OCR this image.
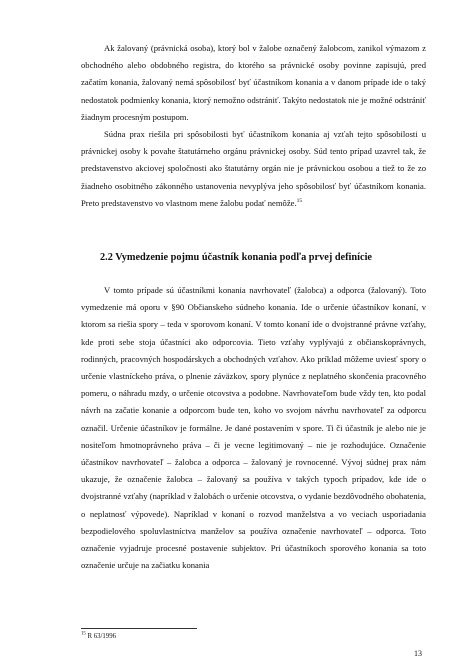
Ak žalovaný (právnická osoba), ktorý bol v žalobe označený žalobcom, zanikol výmazom z obchodného alebo obdobného registra, do ktorého sa právnické osoby povinne zapisujú, pred začatím konania, žalovaný nemá spôsobilosť byť účastníkom konania a v danom prípade ide o taký nedostatok podmienky konania, ktorý nemožno odstrániť. Takýto nedostatok nie je možné odstrániť žiadnym procesným postupom.

Súdna prax riešila pri spôsobilosti byť účastníkom konania aj vzťah tejto spôsobilosti u právnickej osoby k povahe štatutárneho orgánu právnickej osoby. Súd tento prípad uzavrel tak, že predstavenstvo akciovej spoločnosti ako štatutárny orgán nie je právnickou osobou a tiež to že zo žiadneho osobitného zákonného ustanovenia nevyplýva jeho spôsobilosť byť účastníkom konania. Preto predstavenstvo vo vlastnom mene žalobu podať nemôže.$^{15}$

2.2 Vymedzenie pojmu účastník konania podľa prvej definície

V tomto prípade sú účastníkmi konania navrhovateľ (žalobca) a odporca (žalovaný). Toto vymedzenie má oporu v §90 Občianskeho súdneho konania. Ide o určenie účastníkov konaní, v ktorom sa riešia spory – teda v sporovom konaní. V tomto konaní ide o dvojstranné právne vzťahy, kde proti sebe stoja účastníci ako odporcovia. Tieto vzťahy vyplývajú z občianskoprávnych, rodinných, pracovných hospodárskych a obchodných vzťahov. Ako príklad môžeme uviesť spory o určenie vlastníckeho práva, o plnenie záväzkov, spory plynúce z neplatného skončenia pracovného pomeru, o náhradu mzdy, o určenie otcovstva a podobne. Navrhovateľom bude vždy ten, kto podal návrh na začatie konanie a odporcom bude ten, koho vo svojom návrhu navrhovateľ za odporcu označil. Určenie účastníkov je formálne. Je dané postavením v spore. Ti či účastník je alebo nie je nositeľom hmotnoprávneho práva – či je vecne legitimovaný – nie je rozhodujúce. Označenie účastníkov navrhovateľ – žalobca a odporca – žalovaný je rovnocenné. Vývoj súdnej prax nám ukazuje, že označenie žalobca – žalovaný sa používa v takých typoch prípadov, kde ide o dvojstranné vzťahy (napríklad v žalobách o určenie otcovstva, o vydanie bezdôvodného obohatenia, o neplatnosť výpovede). Napríklad v konaní o rozvod manželstva a vo veciach usporiadania bezpodielového spoluvlastníctva manželov sa používa označenie navrhovateľ – odporca. Toto označenie vyjadruje procesné postavenie subjektov. Pri účastníkoch sporového konania sa toto označenie určuje na začiatku konania

$^{15}$ R 63/1996
13
